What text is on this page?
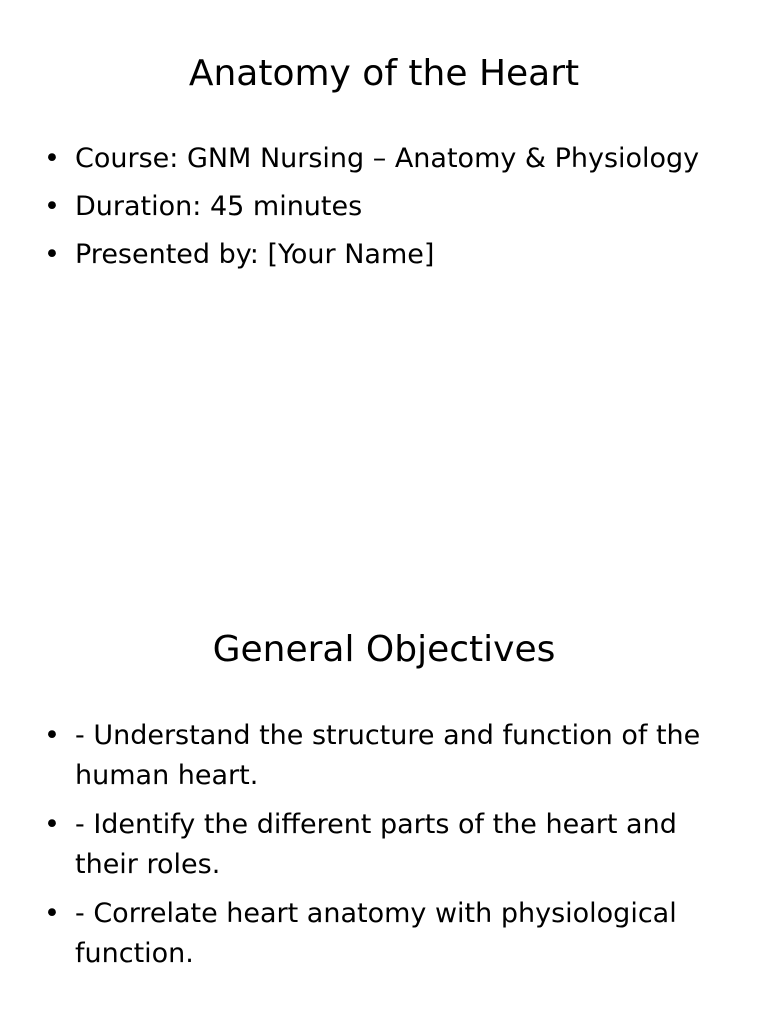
Anatomy of the Heart
• Course: GNM Nursing – Anatomy & Physiology
• Duration: 45 minutes
• Presented by: [Your Name]
General Objectives
• - Understand the structure and function of the human heart.
• - Identify the different parts of the heart and their roles.
• - Correlate heart anatomy with physiological function.
